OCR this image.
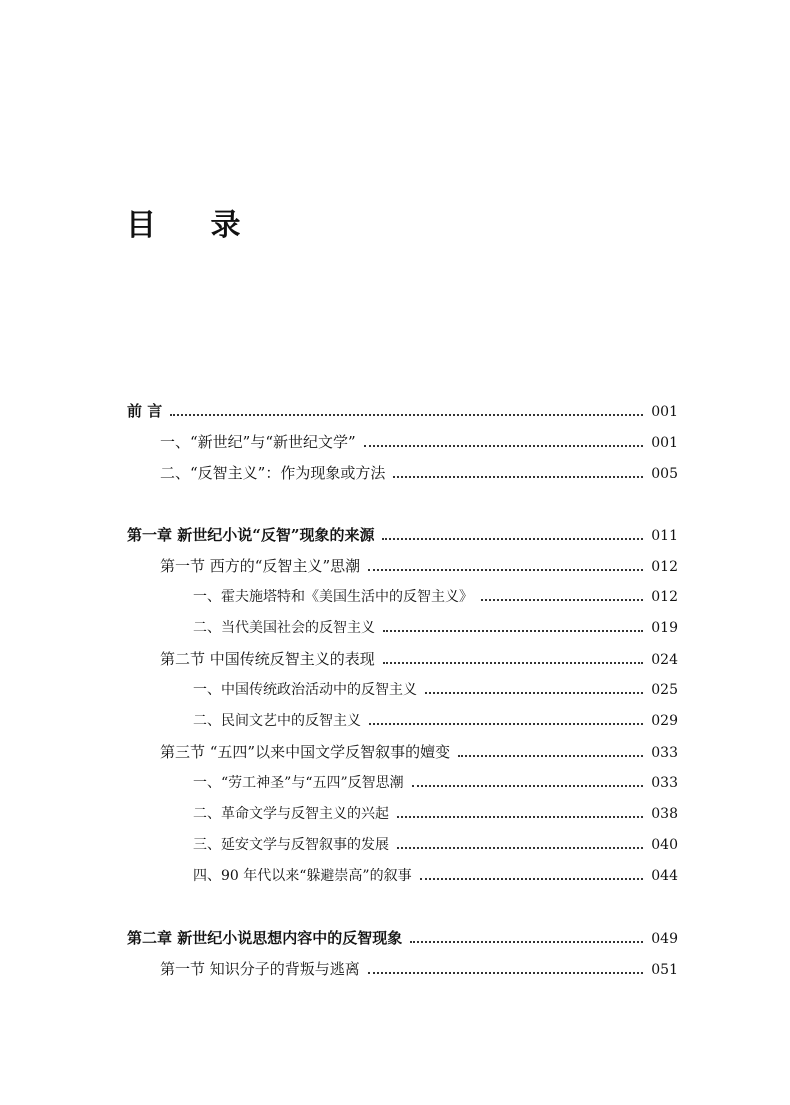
目 录
前 言	001
一、“新世纪”与“新世纪文学”	001
二、“反智主义”：作为现象或方法	005
第一章 新世纪小说“反智”现象的来源	011
第一节 西方的“反智主义”思潮	012
一、霍夫施塔特和《美国生活中的反智主义》	012
二、当代美国社会的反智主义	019
第二节 中国传统反智主义的表现	024
一、中国传统政治活动中的反智主义	025
二、民间文艺中的反智主义	029
第三节 “五四”以来中国文学反智叙事的嬗变	033
一、“劳工神圣”与“五四”反智思潮	033
二、革命文学与反智主义的兴起	038
三、延安文学与反智叙事的发展	040
四、90 年代以来“躲避崇高”的叙事	044
第二章 新世纪小说思想内容中的反智现象	049
第一节 知识分子的背叛与逃离	051
